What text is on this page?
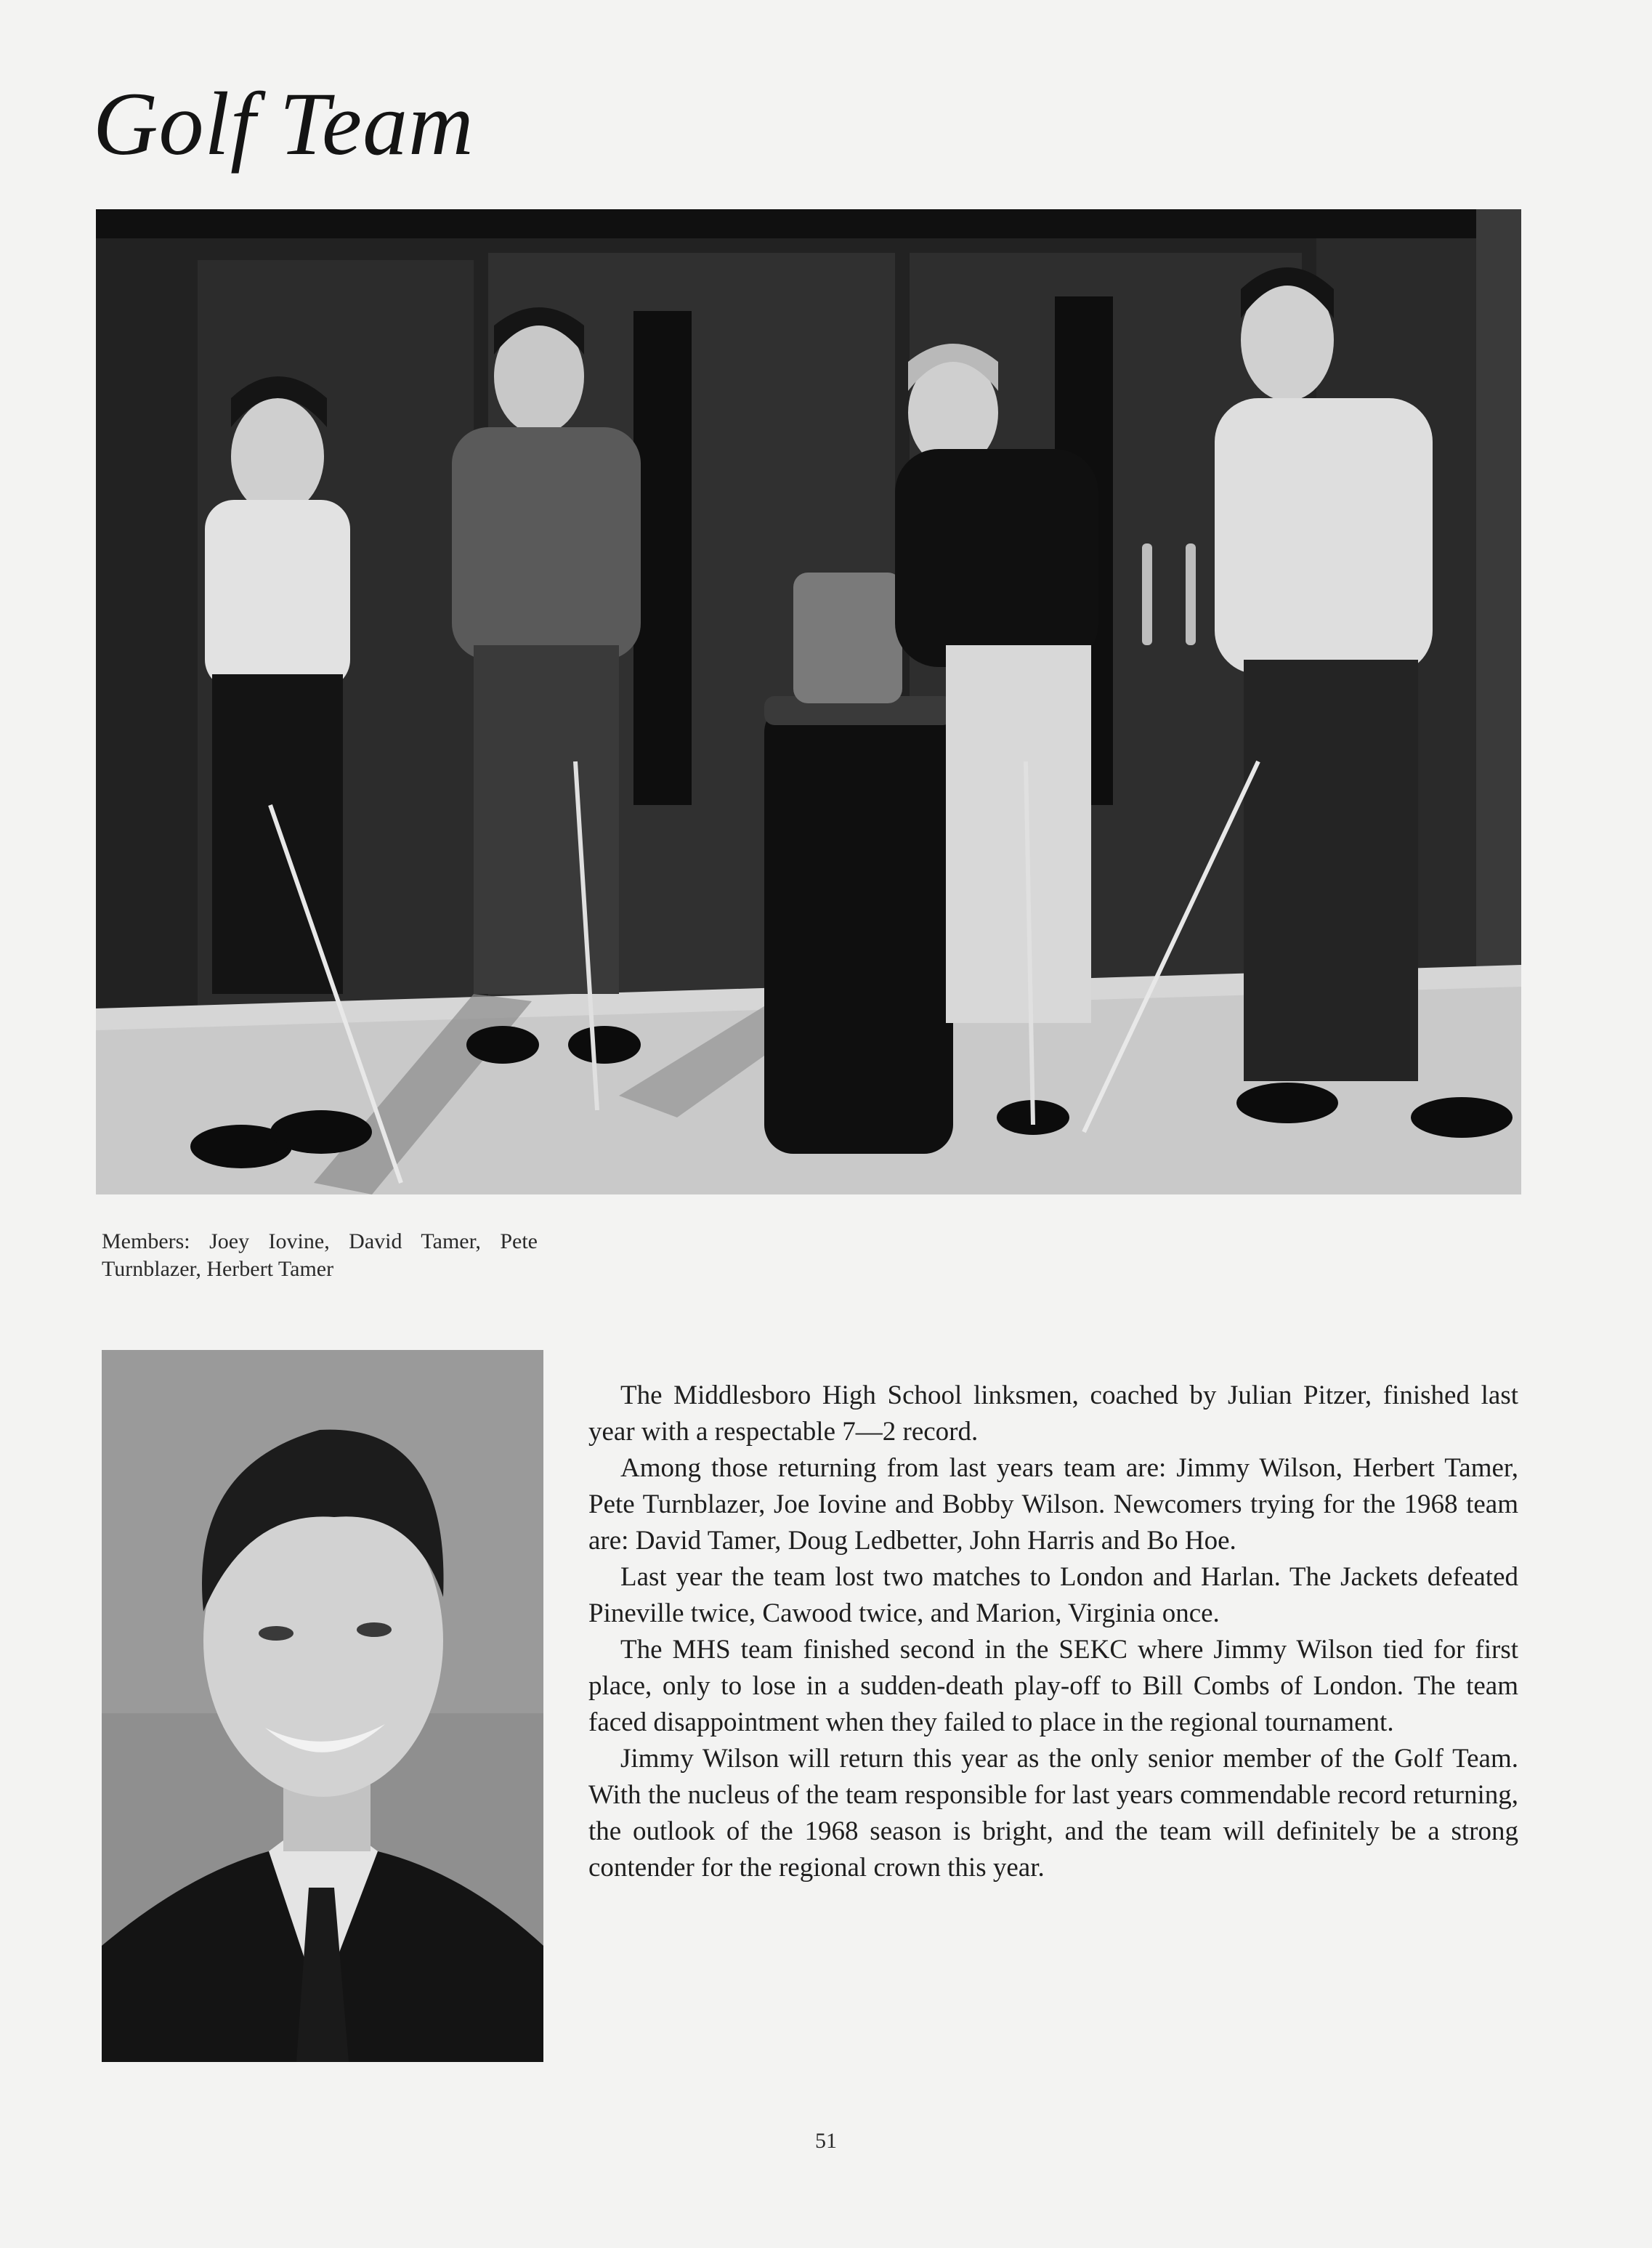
Golf Team
Members: Joey Iovine, David Tamer, Pete Turnblazer, Herbert Tamer

The Middlesboro High School linksmen, coached by Julian Pitzer, finished last year with a respectable 7—2 record.

Among those returning from last years team are: Jimmy Wilson, Herbert Tamer, Pete Turnblazer, Joe Iovine and Bobby Wilson. Newcomers trying for the 1968 team are: David Tamer, Doug Ledbetter, John Harris and Bo Hoe.

Last year the team lost two matches to London and Harlan. The Jackets defeated Pineville twice, Cawood twice, and Marion, Virginia once.

The MHS team finished second in the SEKC where Jimmy Wilson tied for first place, only to lose in a sudden-death play-off to Bill Combs of London. The team faced disappointment when they failed to place in the regional tournament.

Jimmy Wilson will return this year as the only senior member of the Golf Team. With the nucleus of the team responsible for last years commendable record returning, the outlook of the 1968 season is bright, and the team will definitely be a strong contender for the regional crown this year.

51
